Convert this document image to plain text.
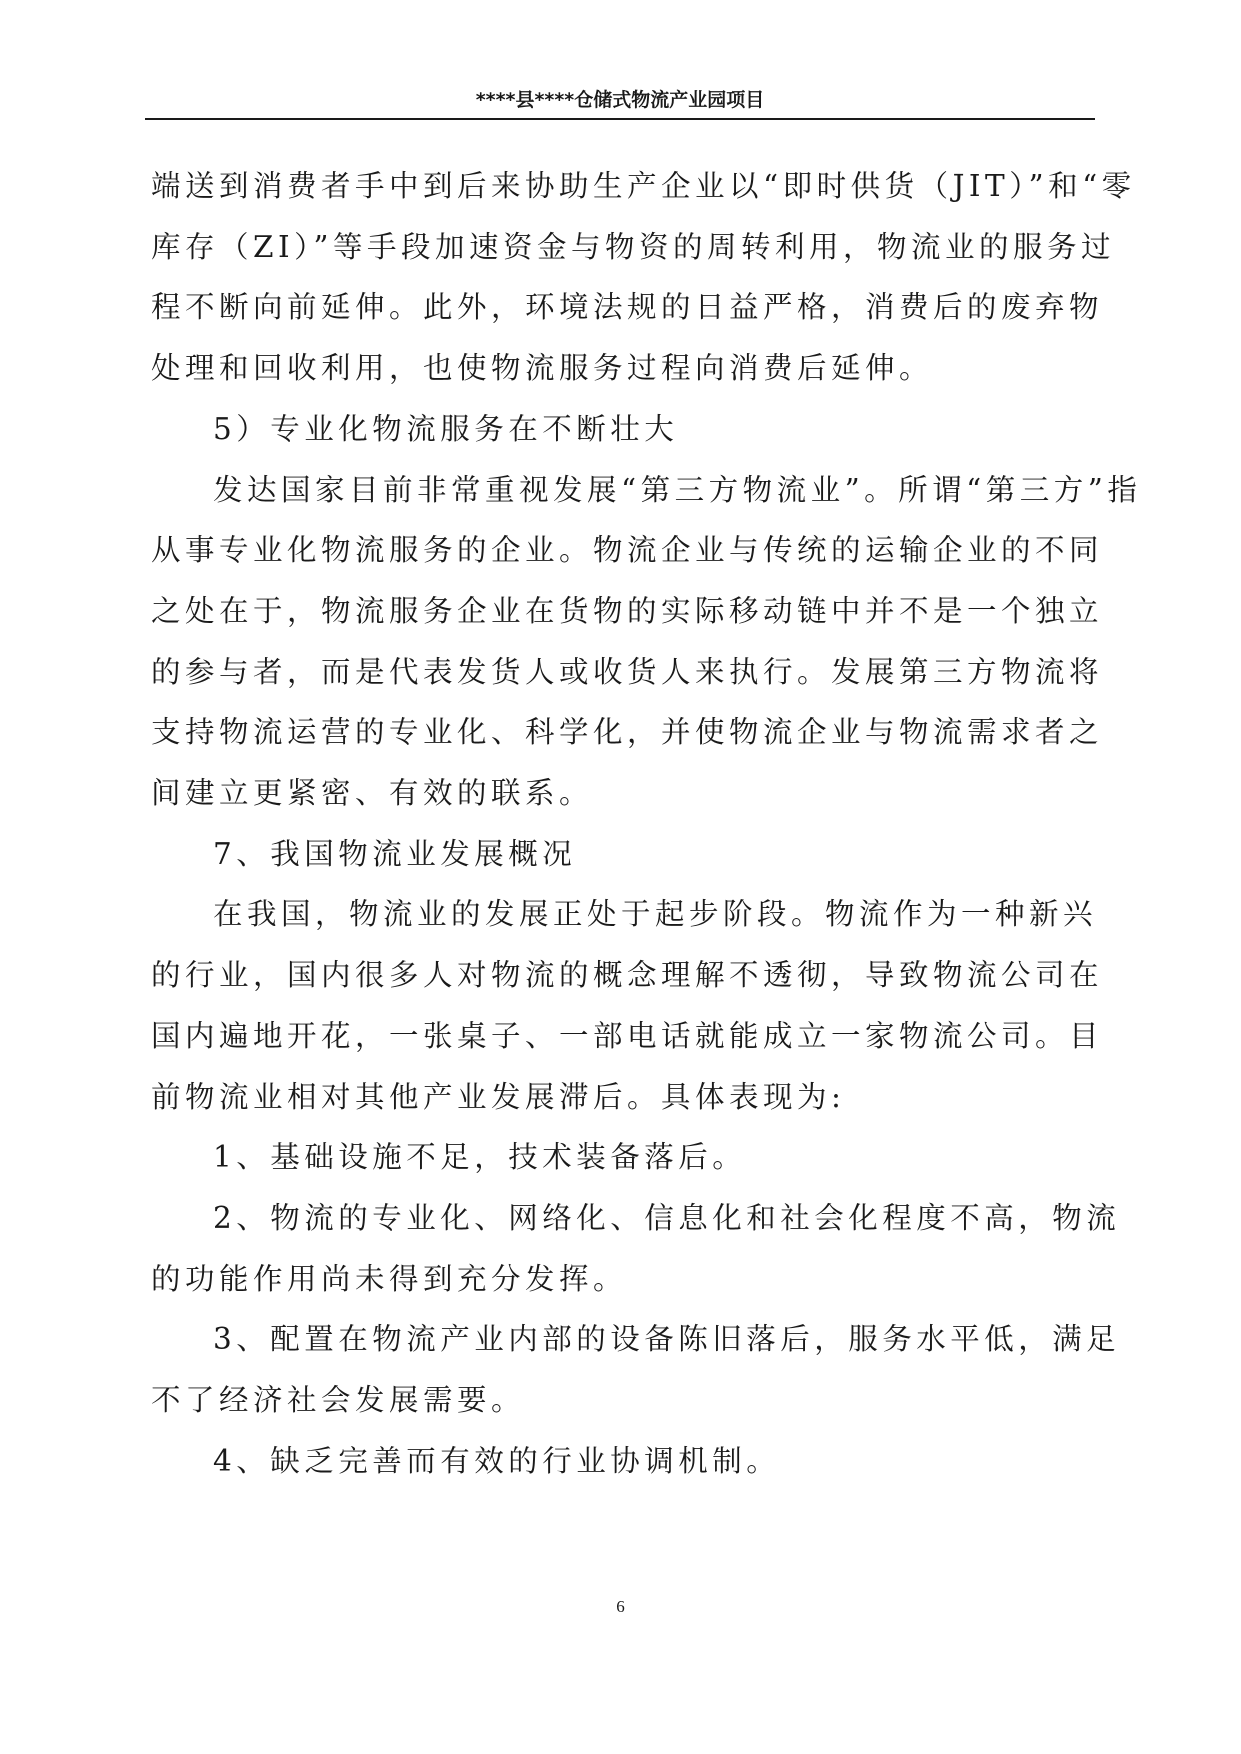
****县****仓储式物流产业园项目

端送到消费者手中到后来协助生产企业以“即时供货（JIT）”和“零

库存（ZI）”等手段加速资金与物资的周转利用，物流业的服务过

程不断向前延伸。此外，环境法规的日益严格，消费后的废弃物

处理和回收利用，也使物流服务过程向消费后延伸。

5）专业化物流服务在不断壮大

发达国家目前非常重视发展“第三方物流业”。所谓“第三方”指

从事专业化物流服务的企业。物流企业与传统的运输企业的不同

之处在于，物流服务企业在货物的实际移动链中并不是一个独立

的参与者，而是代表发货人或收货人来执行。发展第三方物流将

支持物流运营的专业化、科学化，并使物流企业与物流需求者之

间建立更紧密、有效的联系。

7、我国物流业发展概况

在我国，物流业的发展正处于起步阶段。物流作为一种新兴

的行业，国内很多人对物流的概念理解不透彻，导致物流公司在

国内遍地开花，一张桌子、一部电话就能成立一家物流公司。目

前物流业相对其他产业发展滞后。具体表现为:

1、基础设施不足，技术装备落后。

2、物流的专业化、网络化、信息化和社会化程度不高，物流

的功能作用尚未得到充分发挥。

3、配置在物流产业内部的设备陈旧落后，服务水平低，满足

不了经济社会发展需要。

4、缺乏完善而有效的行业协调机制。

6
